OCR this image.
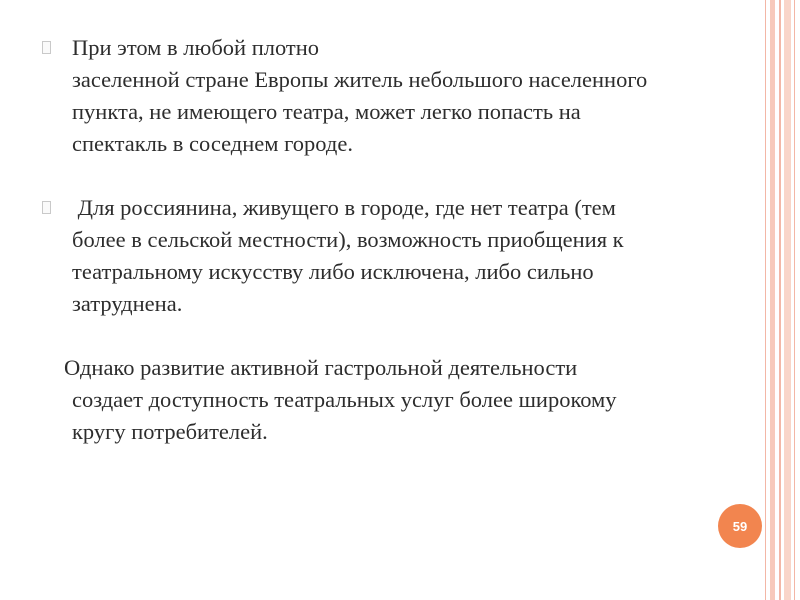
При этом в любой плотно
заселенной стране Европы житель небольшого населенного
пункта, не имеющего театра, может легко попасть на
спектакль в соседнем городе.
Для россиянина, живущего в городе, где нет театра (тем
более в сельской местности), возможность приобщения к
театральному искусству либо исключена, либо сильно
затруднена.
Однако развитие активной гастрольной деятельности
создает доступность театральных услуг более широкому
кругу потребителей.
59
